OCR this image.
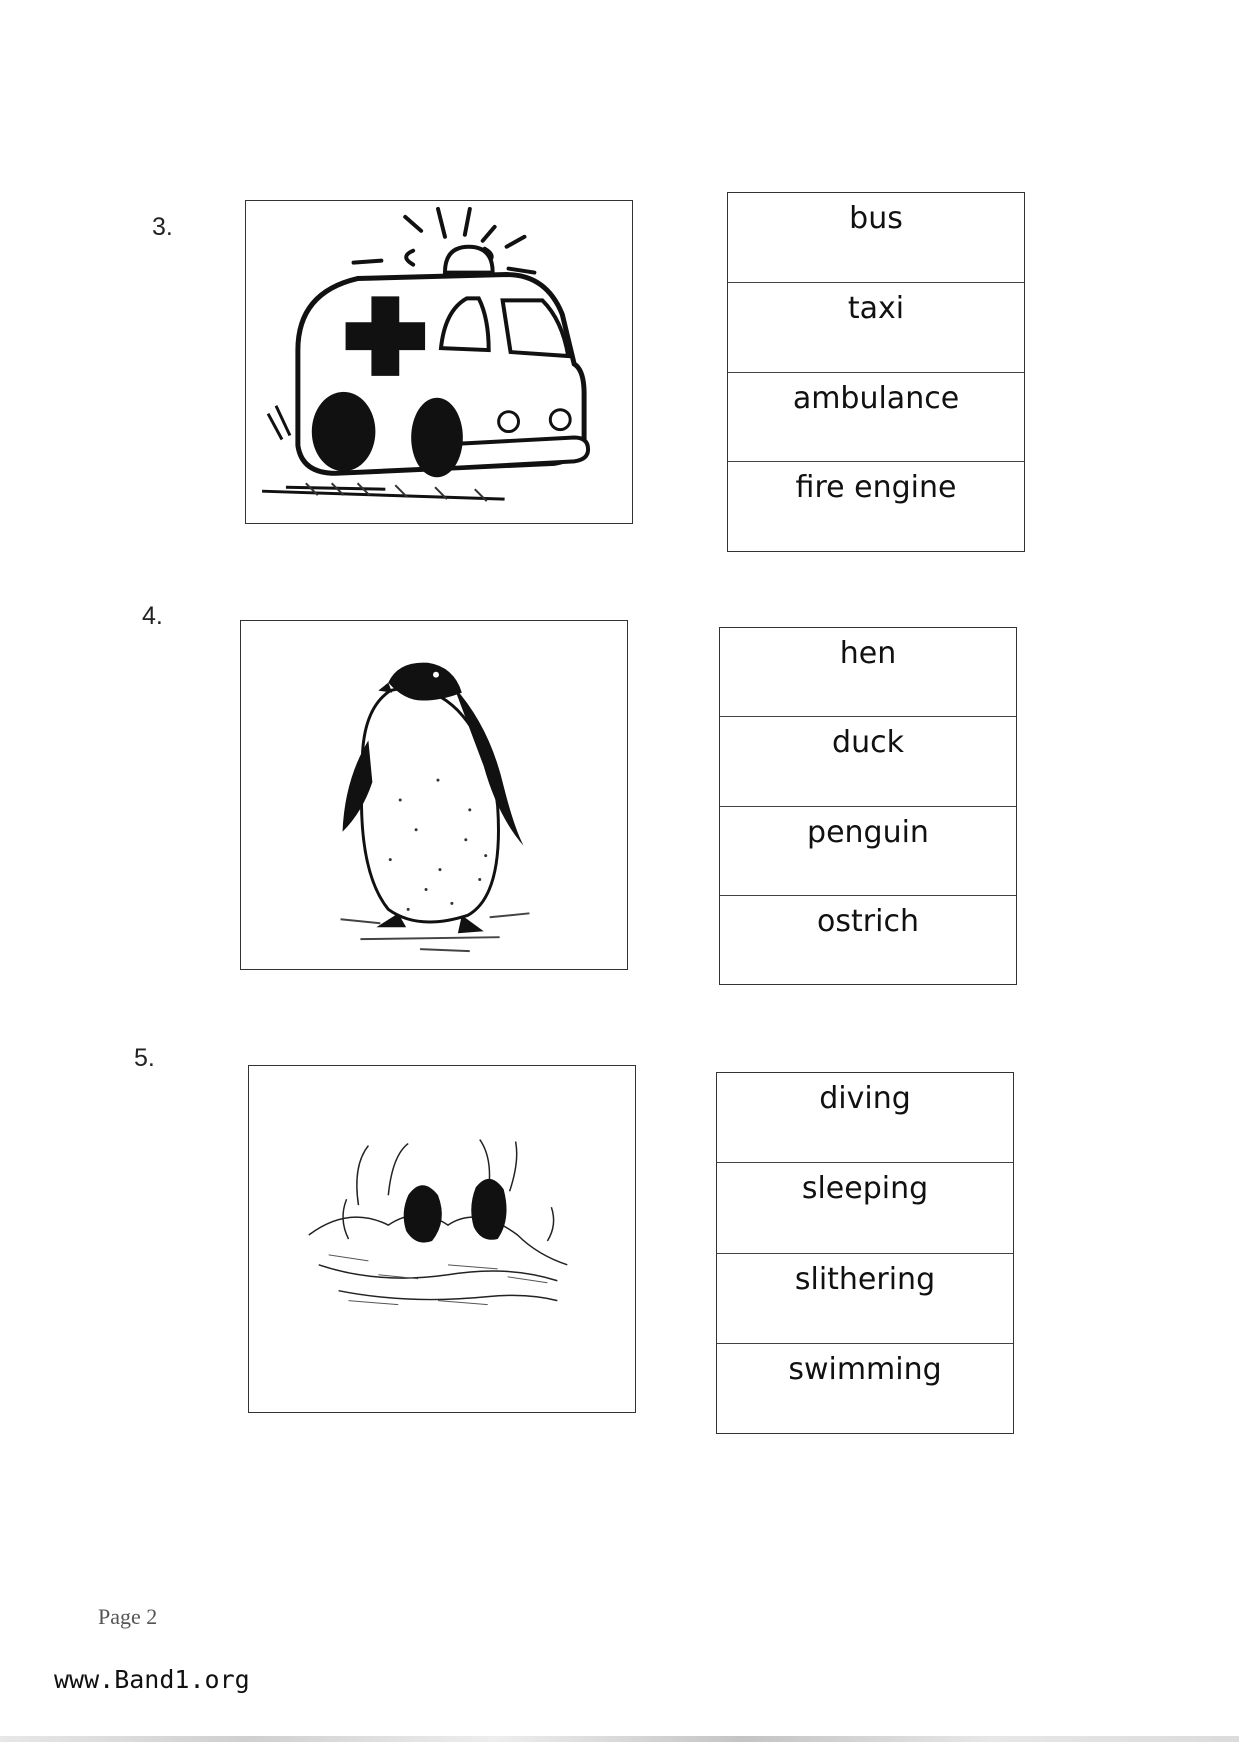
3.	bus
taxi
ambulance
fire engine
4.
hen
duck
penguin
ostrich
5.
diving
sleeping
slithering
swimming
Page 2
www.Band1.org
